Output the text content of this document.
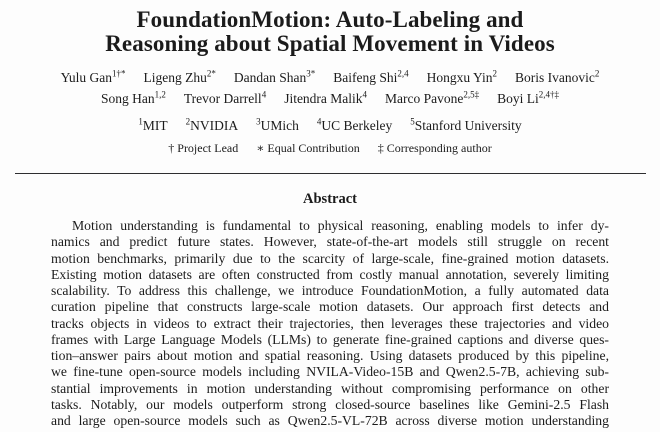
FoundationMotion: Auto-Labeling and
Reasoning about Spatial Movement in Videos
Yulu Gan$^{1\dagger*}$ Ligeng Zhu$^{2*}$ Dandan Shan$^{3*}$ Baifeng Shi$^{2,4}$ Hongxu Yin$^2$ Boris Ivanovic$^2$
Song Han$^{1,2}$ Trevor Darrell$^4$ Jitendra Malik$^4$ Marco Pavone$^{2,5\ddagger}$ Boyi $Li^{2,4\dagger\ddagger}$
$^1$MIT $^2$NVIDIA $^3$UMich $^4$UC Berkeley $^5$Stanford University
† Project Lead ∗ Equal Contribution ‡ Corresponding author
Abstract
Motion understanding is fundamental to physical reasoning, enabling models to infer dy-
namics and predict future states. However, state-of-the-art models still struggle on recent
motion benchmarks, primarily due to the scarcity of large-scale, fine-grained motion datasets.
Existing motion datasets are often constructed from costly manual annotation, severely limiting
scalability. To address this challenge, we introduce FoundationMotion, a fully automated data
curation pipeline that constructs large-scale motion datasets. Our approach first detects and
tracks objects in videos to extract their trajectories, then leverages these trajectories and video
frames with Large Language Models (LLMs) to generate fine-grained captions and diverse ques-
tion–answer pairs about motion and spatial reasoning. Using datasets produced by this pipeline,
we fine-tune open-source models including NVILA-Video-15B and Qwen2.5-7B, achieving sub-
stantial improvements in motion understanding without compromising performance on other
tasks. Notably, our models outperform strong closed-source baselines like Gemini-2.5 Flash
and large open-source models such as Qwen2.5-VL-72B across diverse motion understanding
